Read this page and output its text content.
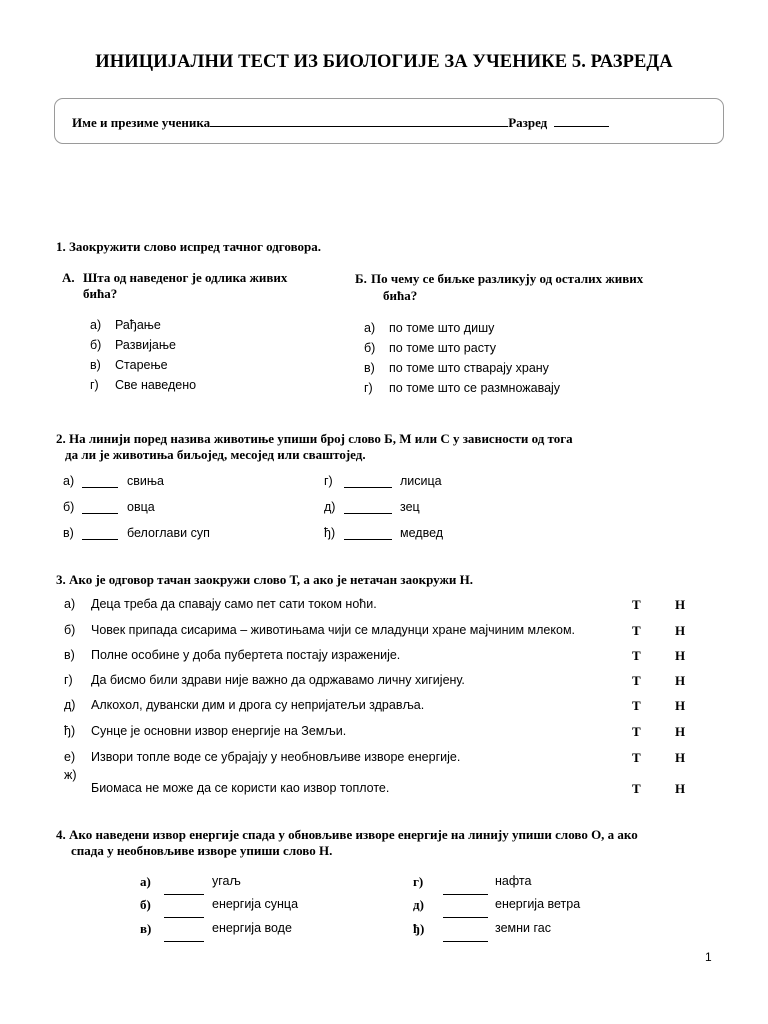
ИНИЦИЈАЛНИ ТЕСТ ИЗ БИОЛОГИЈЕ ЗА УЧЕНИКЕ 5. РАЗРЕДА
Име и презиме ученика	Разред
1. Заокружити слово испред тачног одговора.
А. Шта од наведеног је одлика живих
бића?
а) Рађање
б) Развијање
в) Старење
г) Све наведено
Б. По чему се биљке разликују од осталих живих
бића?
а) по томе што дишу
б) по томе што расту
в) по томе што стварају храну
г) по томе што се размножавају
2. На линији поред назива животиње упиши број слово Б, М или С у зависности од тога
да ли је животиња биљојед, месојед или свaштојед.
а)	свиња
б)	овца
в)	белоглави суп
г)	лисица
д)	зец
ђ)	медвед
3. Ако је одговор тачан заокружи слово Т, а ако је нетачан заокружи Н.
а) Деца треба да спавају само пет сати током ноћи.	Т	Н
б) Човек припада сисарима – животињама чији се младунци хране мајчиним млеком.	Т	Н
в) Полне особине у доба пубертета постају израженије.	Т	Н
г) Да бисмо били здрави није важно да одржавамо личну хигијену.	Т	Н
д) Алкохол, дувански дим и дрога су непријатељи здравља.	Т	Н
ђ) Сунце је основни извор енергије на Земљи.	Т	Н
е) Извори топле воде се убрајају у необновљиве изворе енергије.	Т	Н
ж)
Биомаса не може да се користи као извор топлоте.	Т	Н
4. Ако наведени извор енергије спада у обновљиве изворе енергије на линију упиши слово О, а ако
спада у необновљиве изворе упиши слово Н.
а)	угаљ
б)	енергија сунца
в)	енергија воде
г)	нафта
д)	енергија ветра
ђ)	земни гас
1
